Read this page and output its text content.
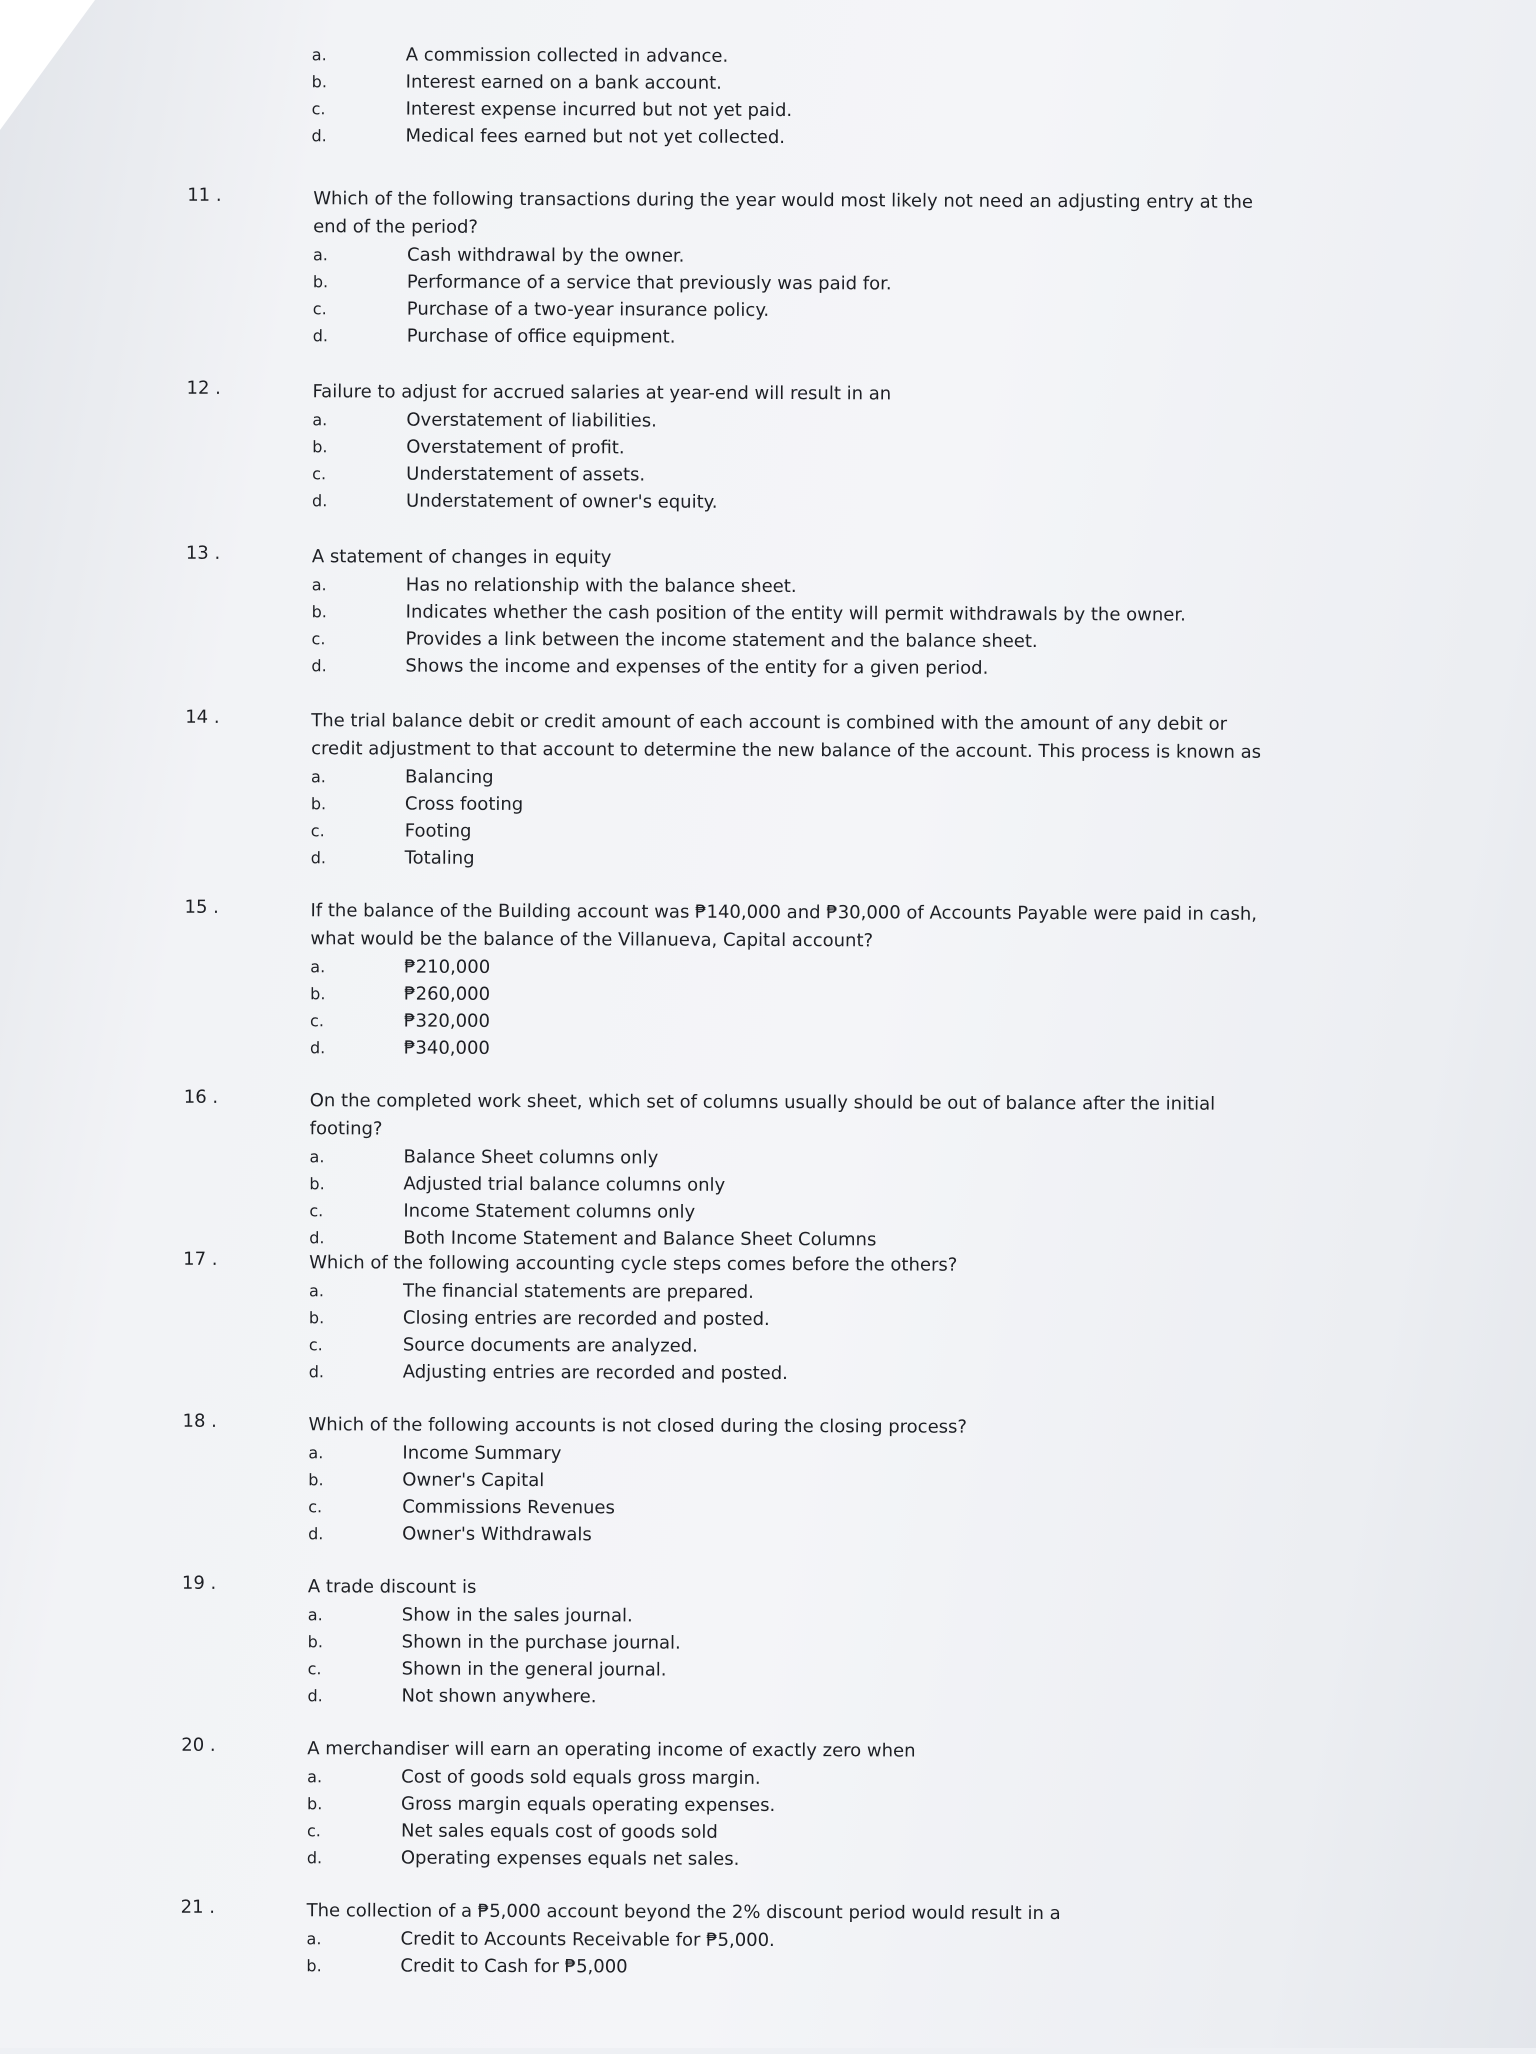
a.	A commission collected in advance.
b.	Interest earned on a bank account.
c.	Interest expense incurred but not yet paid.
d.	Medical fees earned but not yet collected.
11 .	Which of the following transactions during the year would most likely not need an adjusting entry at the end of the period?
a.	Cash withdrawal by the owner.
b.	Performance of a service that previously was paid for.
c.	Purchase of a two-year insurance policy.
d.	Purchase of office equipment.
12 .	Failure to adjust for accrued salaries at year-end will result in an
a.	Overstatement of liabilities.
b.	Overstatement of profit.
c.	Understatement of assets.
d.	Understatement of owner's equity.
13 .	A statement of changes in equity
a.	Has no relationship with the balance sheet.
b.	Indicates whether the cash position of the entity will permit withdrawals by the owner.
c.	Provides a link between the income statement and the balance sheet.
d.	Shows the income and expenses of the entity for a given period.
14 .	The trial balance debit or credit amount of each account is combined with the amount of any debit or credit adjustment to that account to determine the new balance of the account. This process is known as
a.	Balancing
b.	Cross footing
c.	Footing
d.	Totaling
15 .	If the balance of the Building account was ₱140,000 and ₱30,000 of Accounts Payable were paid in cash, what would be the balance of the Villanueva, Capital account?
a.	₱210,000
b.	₱260,000
c.	₱320,000
d.	₱340,000
16 .	On the completed work sheet, which set of columns usually should be out of balance after the initial footing?
a.	Balance Sheet columns only
b.	Adjusted trial balance columns only
c.	Income Statement columns only
d.	Both Income Statement and Balance Sheet Columns
17 .	Which of the following accounting cycle steps comes before the others?
a.	The financial statements are prepared.
b.	Closing entries are recorded and posted.
c.	Source documents are analyzed.
d.	Adjusting entries are recorded and posted.
18 .	Which of the following accounts is not closed during the closing process?
a.	Income Summary
b.	Owner's Capital
c.	Commissions Revenues
d.	Owner's Withdrawals
19 .	A trade discount is
a.	Show in the sales journal.
b.	Shown in the purchase journal.
c.	Shown in the general journal.
d.	Not shown anywhere.
20 .	A merchandiser will earn an operating income of exactly zero when
a.	Cost of goods sold equals gross margin.
b.	Gross margin equals operating expenses.
c.	Net sales equals cost of goods sold
d.	Operating expenses equals net sales.
21 .	The collection of a ₱5,000 account beyond the 2% discount period would result in a
a.	Credit to Accounts Receivable for ₱5,000.
b.	Credit to Cash for ₱5,000
